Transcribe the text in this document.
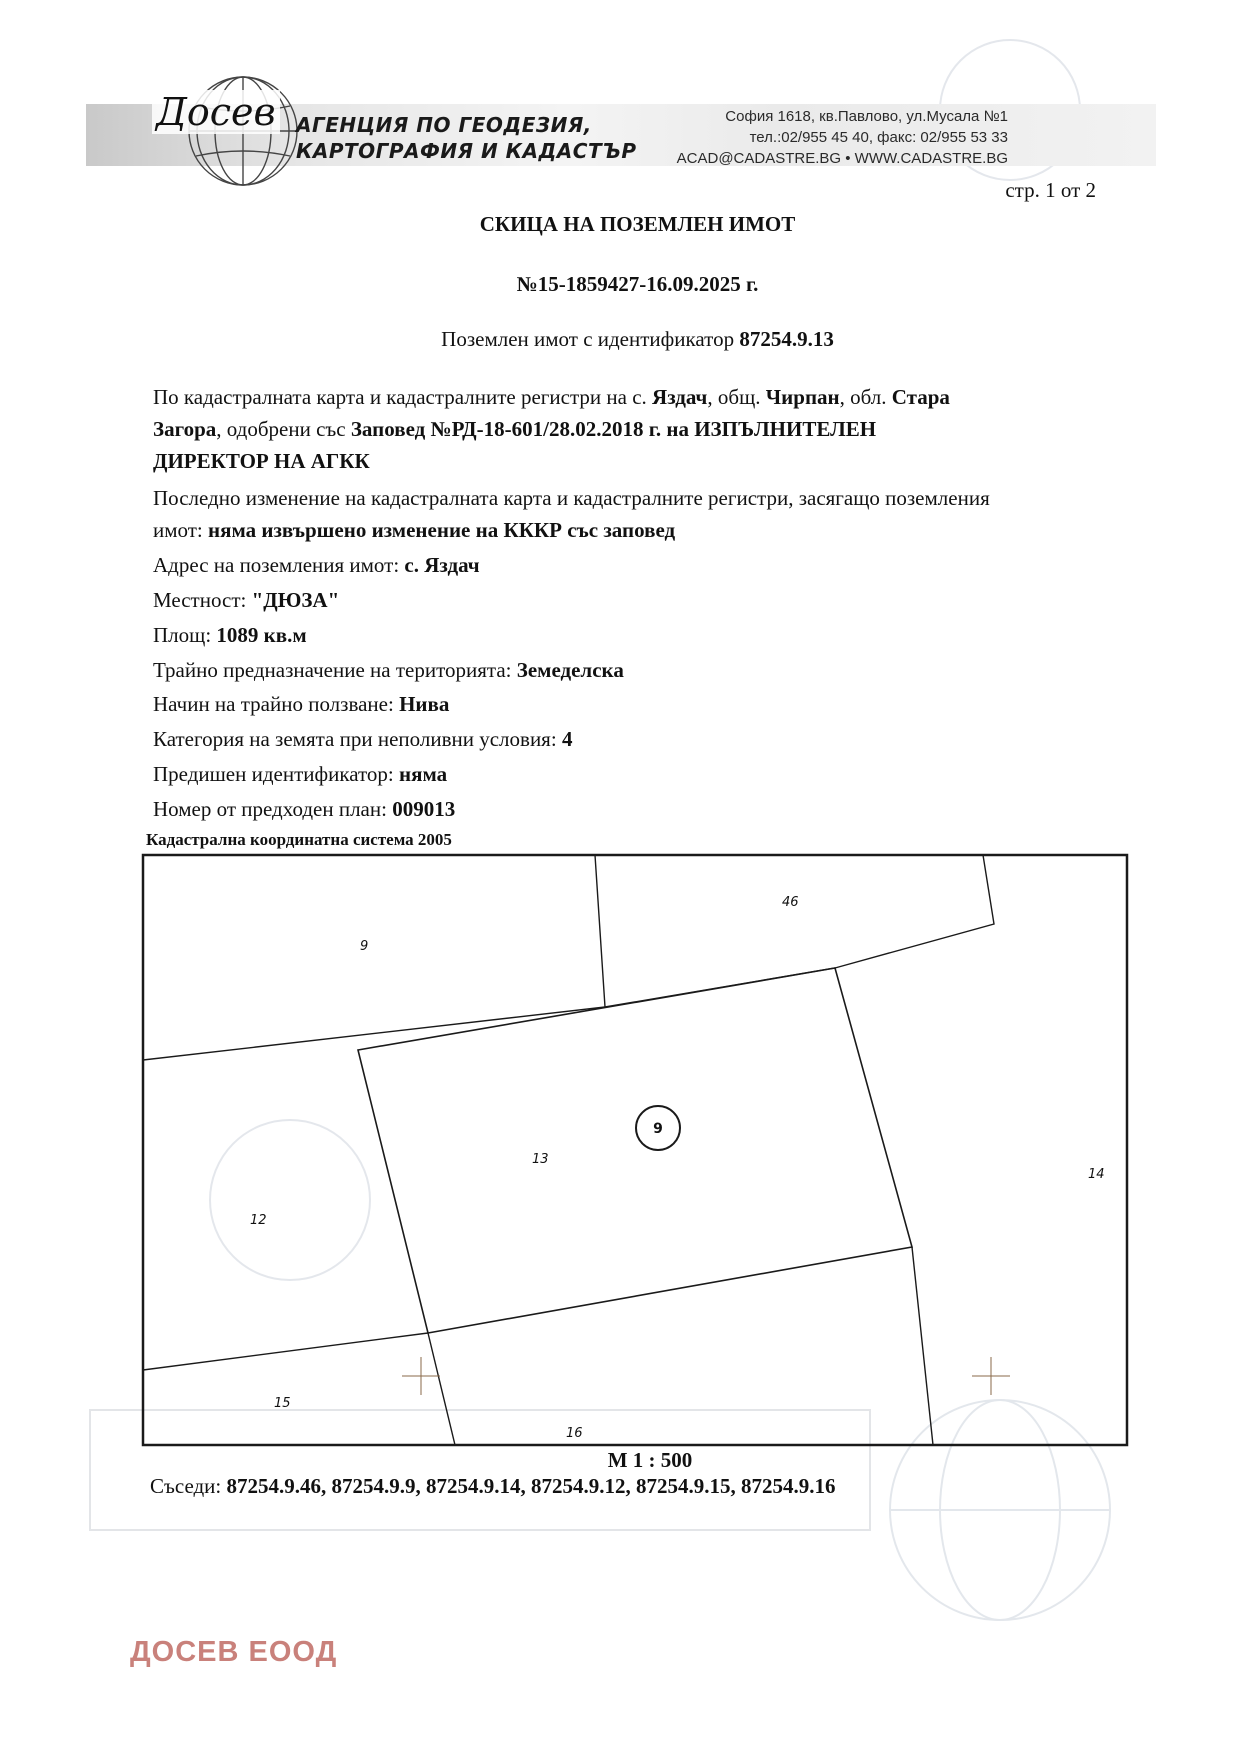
Досев АГЕНЦИЯ ПО ГЕОДЕЗИЯ,
КАРТОГРАФИЯ И КАДАСТЪР
София 1618, кв.Павлово, ул.Мусала №1
тел.:02/955 45 40, факс: 02/955 53 33
ACAD@CADASTRE.BG • WWW.CADASTRE.BG
стр. 1 от 2
СКИЦА НА ПОЗЕМЛЕН ИМОТ
№15-1859427-16.09.2025 г.
Поземлен имот с идентификатор 87254.9.13
По кадастралната карта и кадастралните регистри на с. Яздач, общ. Чирпан, обл. Стара
Загора, одобрени със Заповед №РД-18-601/28.02.2018 г. на ИЗПЪЛНИТЕЛЕН
ДИРЕКТОР НА АГКК
Последно изменение на кадастралната карта и кадастралните регистри, засягащо поземления
имот: няма извършено изменение на КККР със заповед
Адрес на поземления имот: с. Яздач
Местност: "ДЮЗА"
Площ: 1089 кв.м
Трайно предназначение на територията: Земеделска
Начин на трайно ползване: Нива
Категория на земята при неполивни условия: 4
Предишен идентификатор: няма
Номер от предходен план: 009013
Кадастрална координатна система 2005
9
46
13
12
14
15
16
9
М 1 : 500
Съседи: 87254.9.46, 87254.9.9, 87254.9.14, 87254.9.12, 87254.9.15, 87254.9.16
ДОСЕВ ЕООД
